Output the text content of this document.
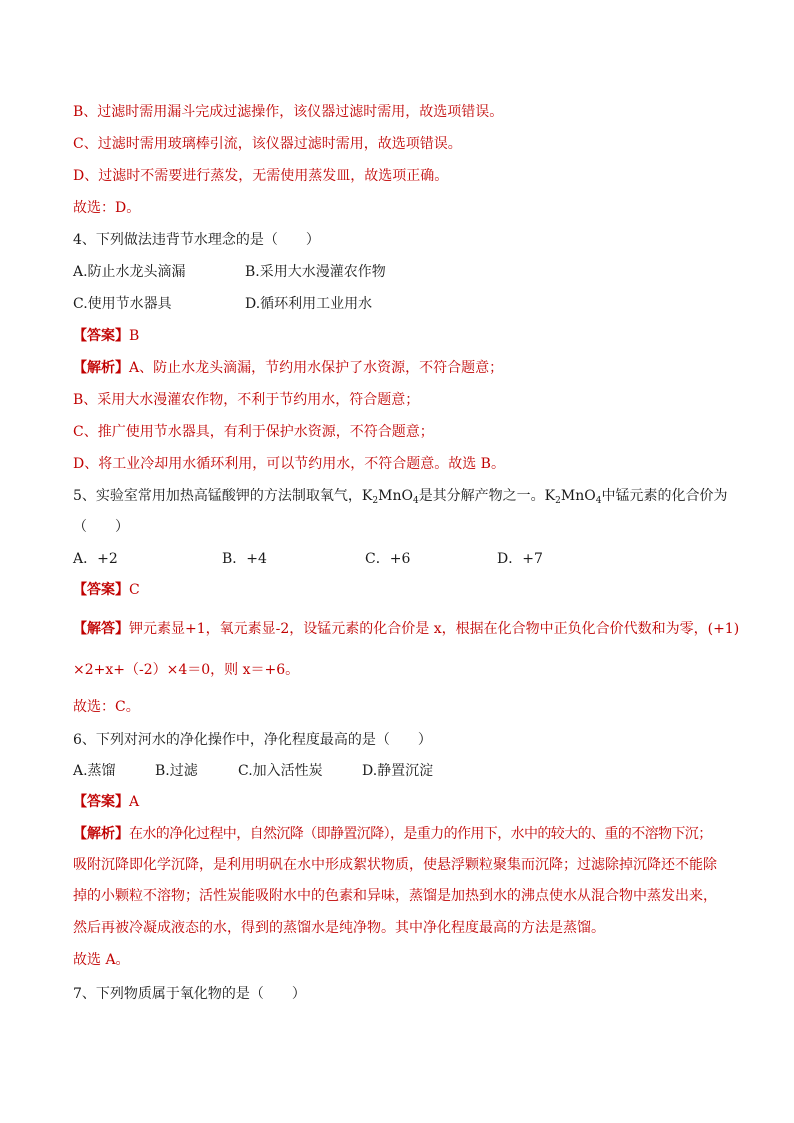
B、过滤时需用漏斗完成过滤操作，该仪器过滤时需用，故选项错误。
C、过滤时需用玻璃棒引流，该仪器过滤时需用，故选项错误。
D、过滤时不需要进行蒸发，无需使用蒸发皿，故选项正确。
故选：D。
4、下列做法违背节水理念的是（　　）
A.防止水龙头滴漏	B.采用大水漫灌农作物
C.使用节水器具	D.循环利用工业用水
【答案】B
【解析】A、防止水龙头滴漏，节约用水保护了水资源，不符合题意；
B、采用大水漫灌农作物，不利于节约用水，符合题意；
C、推广使用节水器具，有利于保护水资源，不符合题意；
D、将工业冷却用水循环利用，可以节约用水，不符合题意。故选 B。
5、实验室常用加热高锰酸钾的方法制取氧气，$K_2MnO_4$是其分解产物之一。$K_2MnO_4$中锰元素的化合价为
（　　）
A．+2	B．+4	C．+6	D．+7
【答案】C
【解答】钾元素显+1，氧元素显-2，设锰元素的化合价是 x，根据在化合物中正负化合价代数和为零，(+1)
×2+x+（-2）×4＝0，则 x＝+6。
故选：C。
6、下列对河水的净化操作中，净化程度最高的是（　　）
A.蒸馏	B.过滤	C.加入活性炭	D.静置沉淀
【答案】A
【解析】在水的净化过程中，自然沉降（即静置沉降），是重力的作用下，水中的较大的、重的不溶物下沉；
吸附沉降即化学沉降，是利用明矾在水中形成絮状物质，使悬浮颗粒聚集而沉降；过滤除掉沉降还不能除
掉的小颗粒不溶物；活性炭能吸附水中的色素和异味，蒸馏是加热到水的沸点使水从混合物中蒸发出来，
然后再被冷凝成液态的水，得到的蒸馏水是纯净物。其中净化程度最高的方法是蒸馏。
故选 A。
7、下列物质属于氧化物的是（　　）
